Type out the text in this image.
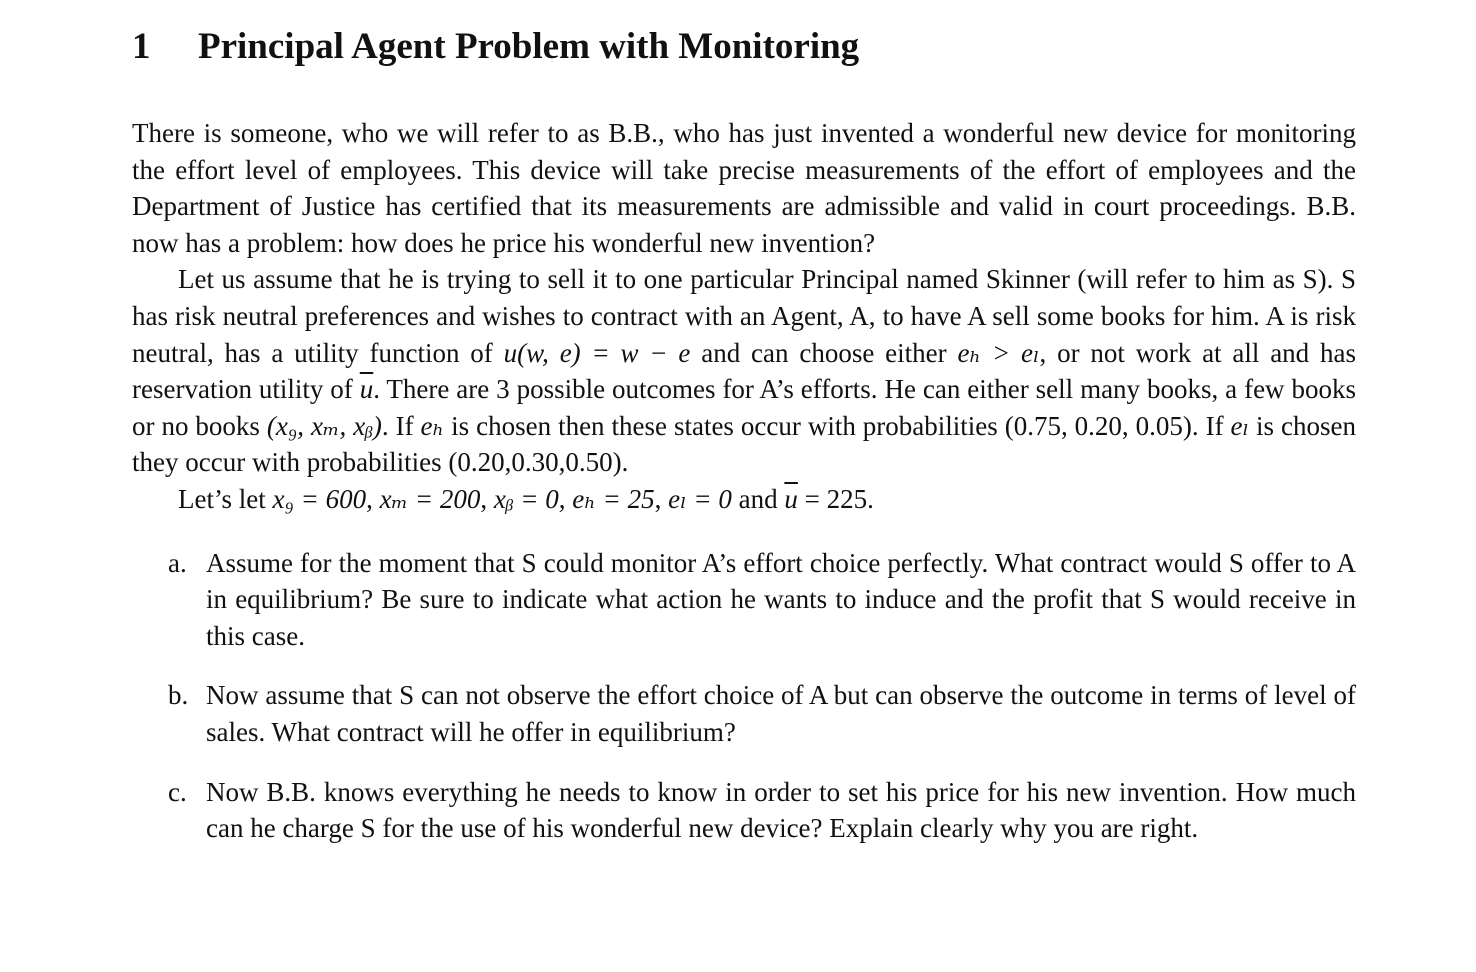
1 Principal Agent Problem with Monitoring

There is someone, who we will refer to as B.B., who has just invented a wonderful new device for monitoring the effort level of employees. This device will take precise measurements of the effort of employees and the Department of Justice has certified that its measurements are admissible and valid in court proceedings. B.B. now has a problem: how does he price his wonderful new invention?

Let us assume that he is trying to sell it to one particular Principal named Skinner (will refer to him as S). S has risk neutral preferences and wishes to contract with an Agent, A, to have A sell some books for him. A is risk neutral, has a utility function of u(w, e) = w − e and can choose either eₕ > eₗ, or not work at all and has reservation utility of $\overline{u}$. There are 3 possible outcomes for A’s efforts. He can either sell many books, a few books or no books (x₉, xₘ, xᵦ). If eₕ is chosen then these states occur with probabilities (0.75, 0.20, 0.05). If eₗ is chosen they occur with probabilities (0.20,0.30,0.50).

Let’s let x₉ = 600, xₘ = 200, xᵦ = 0, eₕ = 25, eₗ = 0 and $\overline{u} = 225$.

a. Assume for the moment that S could monitor A’s effort choice perfectly. What contract would S offer to A in equilibrium? Be sure to indicate what action he wants to induce and the profit that S would receive in this case.
b. Now assume that S can not observe the effort choice of A but can observe the outcome in terms of level of sales. What contract will he offer in equilibrium?
c. Now B.B. knows everything he needs to know in order to set his price for his new invention. How much can he charge S for the use of his wonderful new device? Explain clearly why you are right.
